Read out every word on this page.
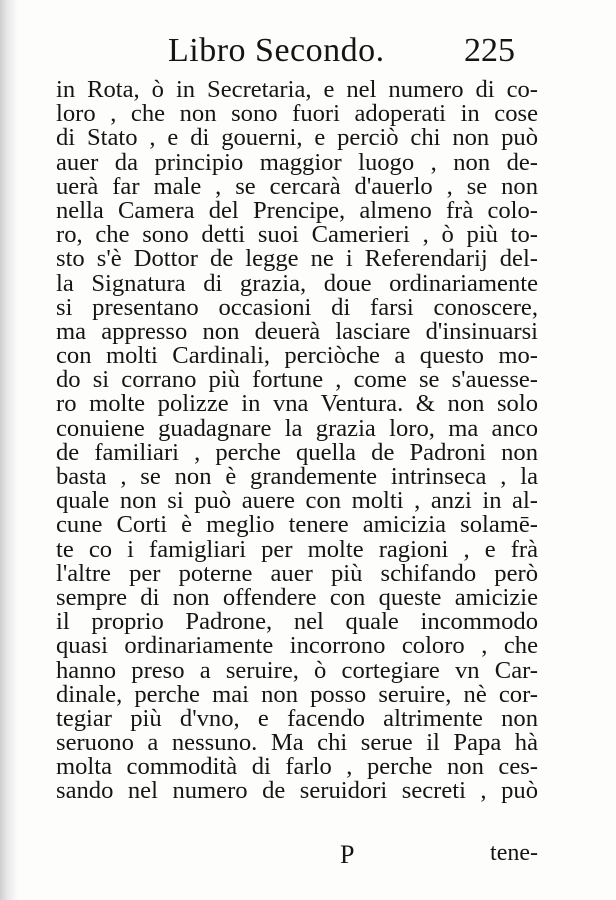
Libro Secondo. 225
in Rota, ò in Secretaria, e nel numero di co-
loro , che non sono fuori adoperati in cose
di Stato , e di gouerni, e perciò chi non può
auer da principio maggior luogo , non de-
uerà far male , se cercarà d'auerlo , se non
nella Camera del Prencipe, almeno frà colo-
ro, che sono detti suoi Camerieri , ò più to-
sto s'è Dottor de legge ne i Referendarij del-
la Signatura di grazia, doue ordinariamente
si presentano occasioni di farsi conoscere,
ma appresso non deuerà lasciare d'insinuarsi
con molti Cardinali, perciòche a questo mo-
do si corrano più fortune , come se s'auesse-
ro molte polizze in vna Ventura. & non solo
conuiene guadagnare la grazia loro, ma anco
de familiari , perche quella de Padroni non
basta , se non è grandemente intrinseca , la
quale non si può auere con molti , anzi in al-
cune Corti è meglio tenere amicizia solamē-
te co i famigliari per molte ragioni , e frà
l'altre per poterne auer più schifando però
sempre di non offendere con queste amicizie
il proprio Padrone, nel quale incommodo
quasi ordinariamente incorrono coloro , che
hanno preso a seruire, ò cortegiare vn Car-
dinale, perche mai non posso seruire, nè cor-
tegiar più d'vno, e facendo altrimente non
seruono a nessuno. Ma chi serue il Papa hà
molta commodità di farlo , perche non ces-
sando nel numero de seruidori secreti , può
P	tene-
